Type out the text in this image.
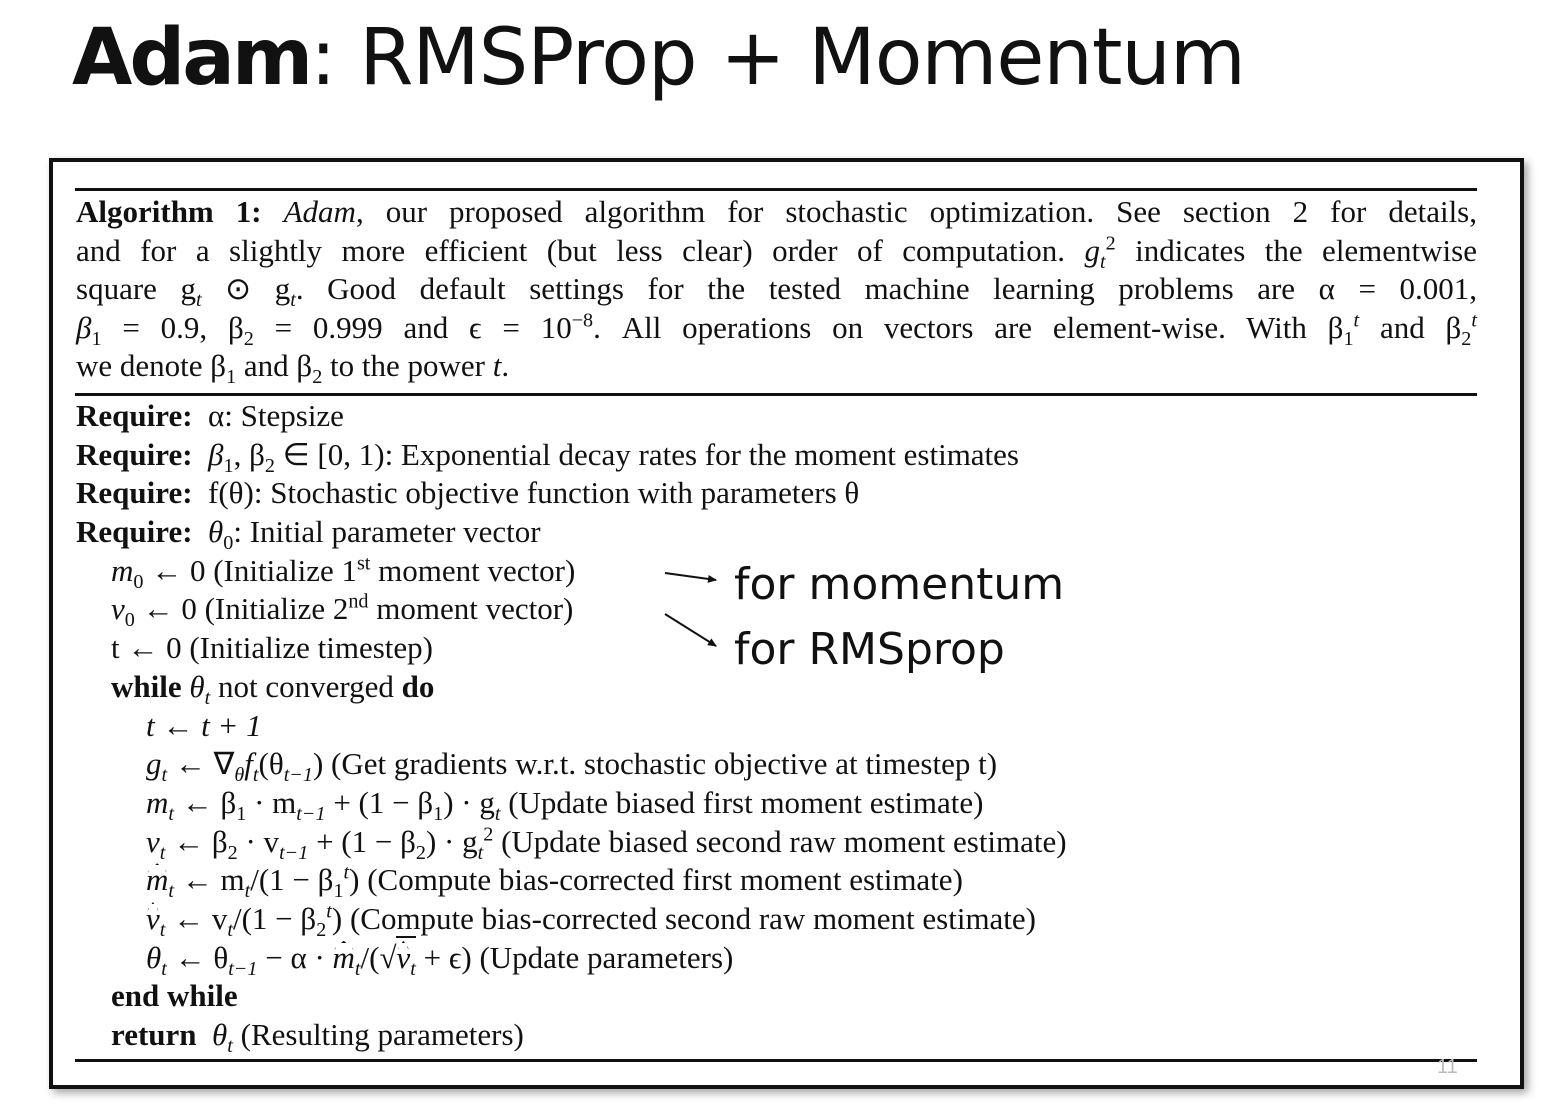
Adam: RMSProp + Momentum
Algorithm 1: Adam, our proposed algorithm for stochastic optimization. See section 2 for details,
and for a slightly more efficient (but less clear) order of computation. $g_t^2$ indicates the elementwise
square $g_t$ ⊙ $g_t$. Good default settings for the tested machine learning problems are α = 0.001,
$\beta_1 = 0.9$, $\beta_2 = 0.999$ and $\epsilon = 10^{-8}$. All operations on vectors are element-wise. With $\beta_1^t$ and $\beta_2^t$
we denote $\beta_1$ and $\beta_2$ to the power t.
Require: α: Stepsize
Require: $\beta_1$, $\beta_2$ ∈ [0, 1): Exponential decay rates for the moment estimates
Require: f(θ): Stochastic objective function with parameters θ
Require: $\theta_0$: Initial parameter vector
$m_0$ ← 0 (Initialize 1st moment vector)
$v_0$ ← 0 (Initialize 2nd moment vector)
t ← 0 (Initialize timestep)
while $\theta_t$ not converged do
t ← t + 1
$g_t$ ← $\nabla_\theta f_t(\theta_{t-1})$ (Get gradients w.r.t. stochastic objective at timestep t)
$m_t$ ← $\beta_1 \cdot m_{t-1} + (1 - \beta_1) \cdot g_t$ (Update biased first moment estimate)
$v_t$ ← $\beta_2 \cdot v_{t-1} + (1 - \beta_2) \cdot g_t^2$ (Update biased second raw moment estimate)
$m_t$ ← $m_t/(1 - \beta_1^t)$ (Compute bias-corrected first moment estimate)
$v_t$ ← $v_t/(1 - \beta_2^t)$ (Compute bias-corrected second raw moment estimate)
$\theta_t$ ← $\theta_{t-1} - \alpha \cdot m_t/(√v_t + \epsilon)$ (Update parameters)
end while
return  $\theta_t$ (Resulting parameters)
for momentum
for RMSprop
11
